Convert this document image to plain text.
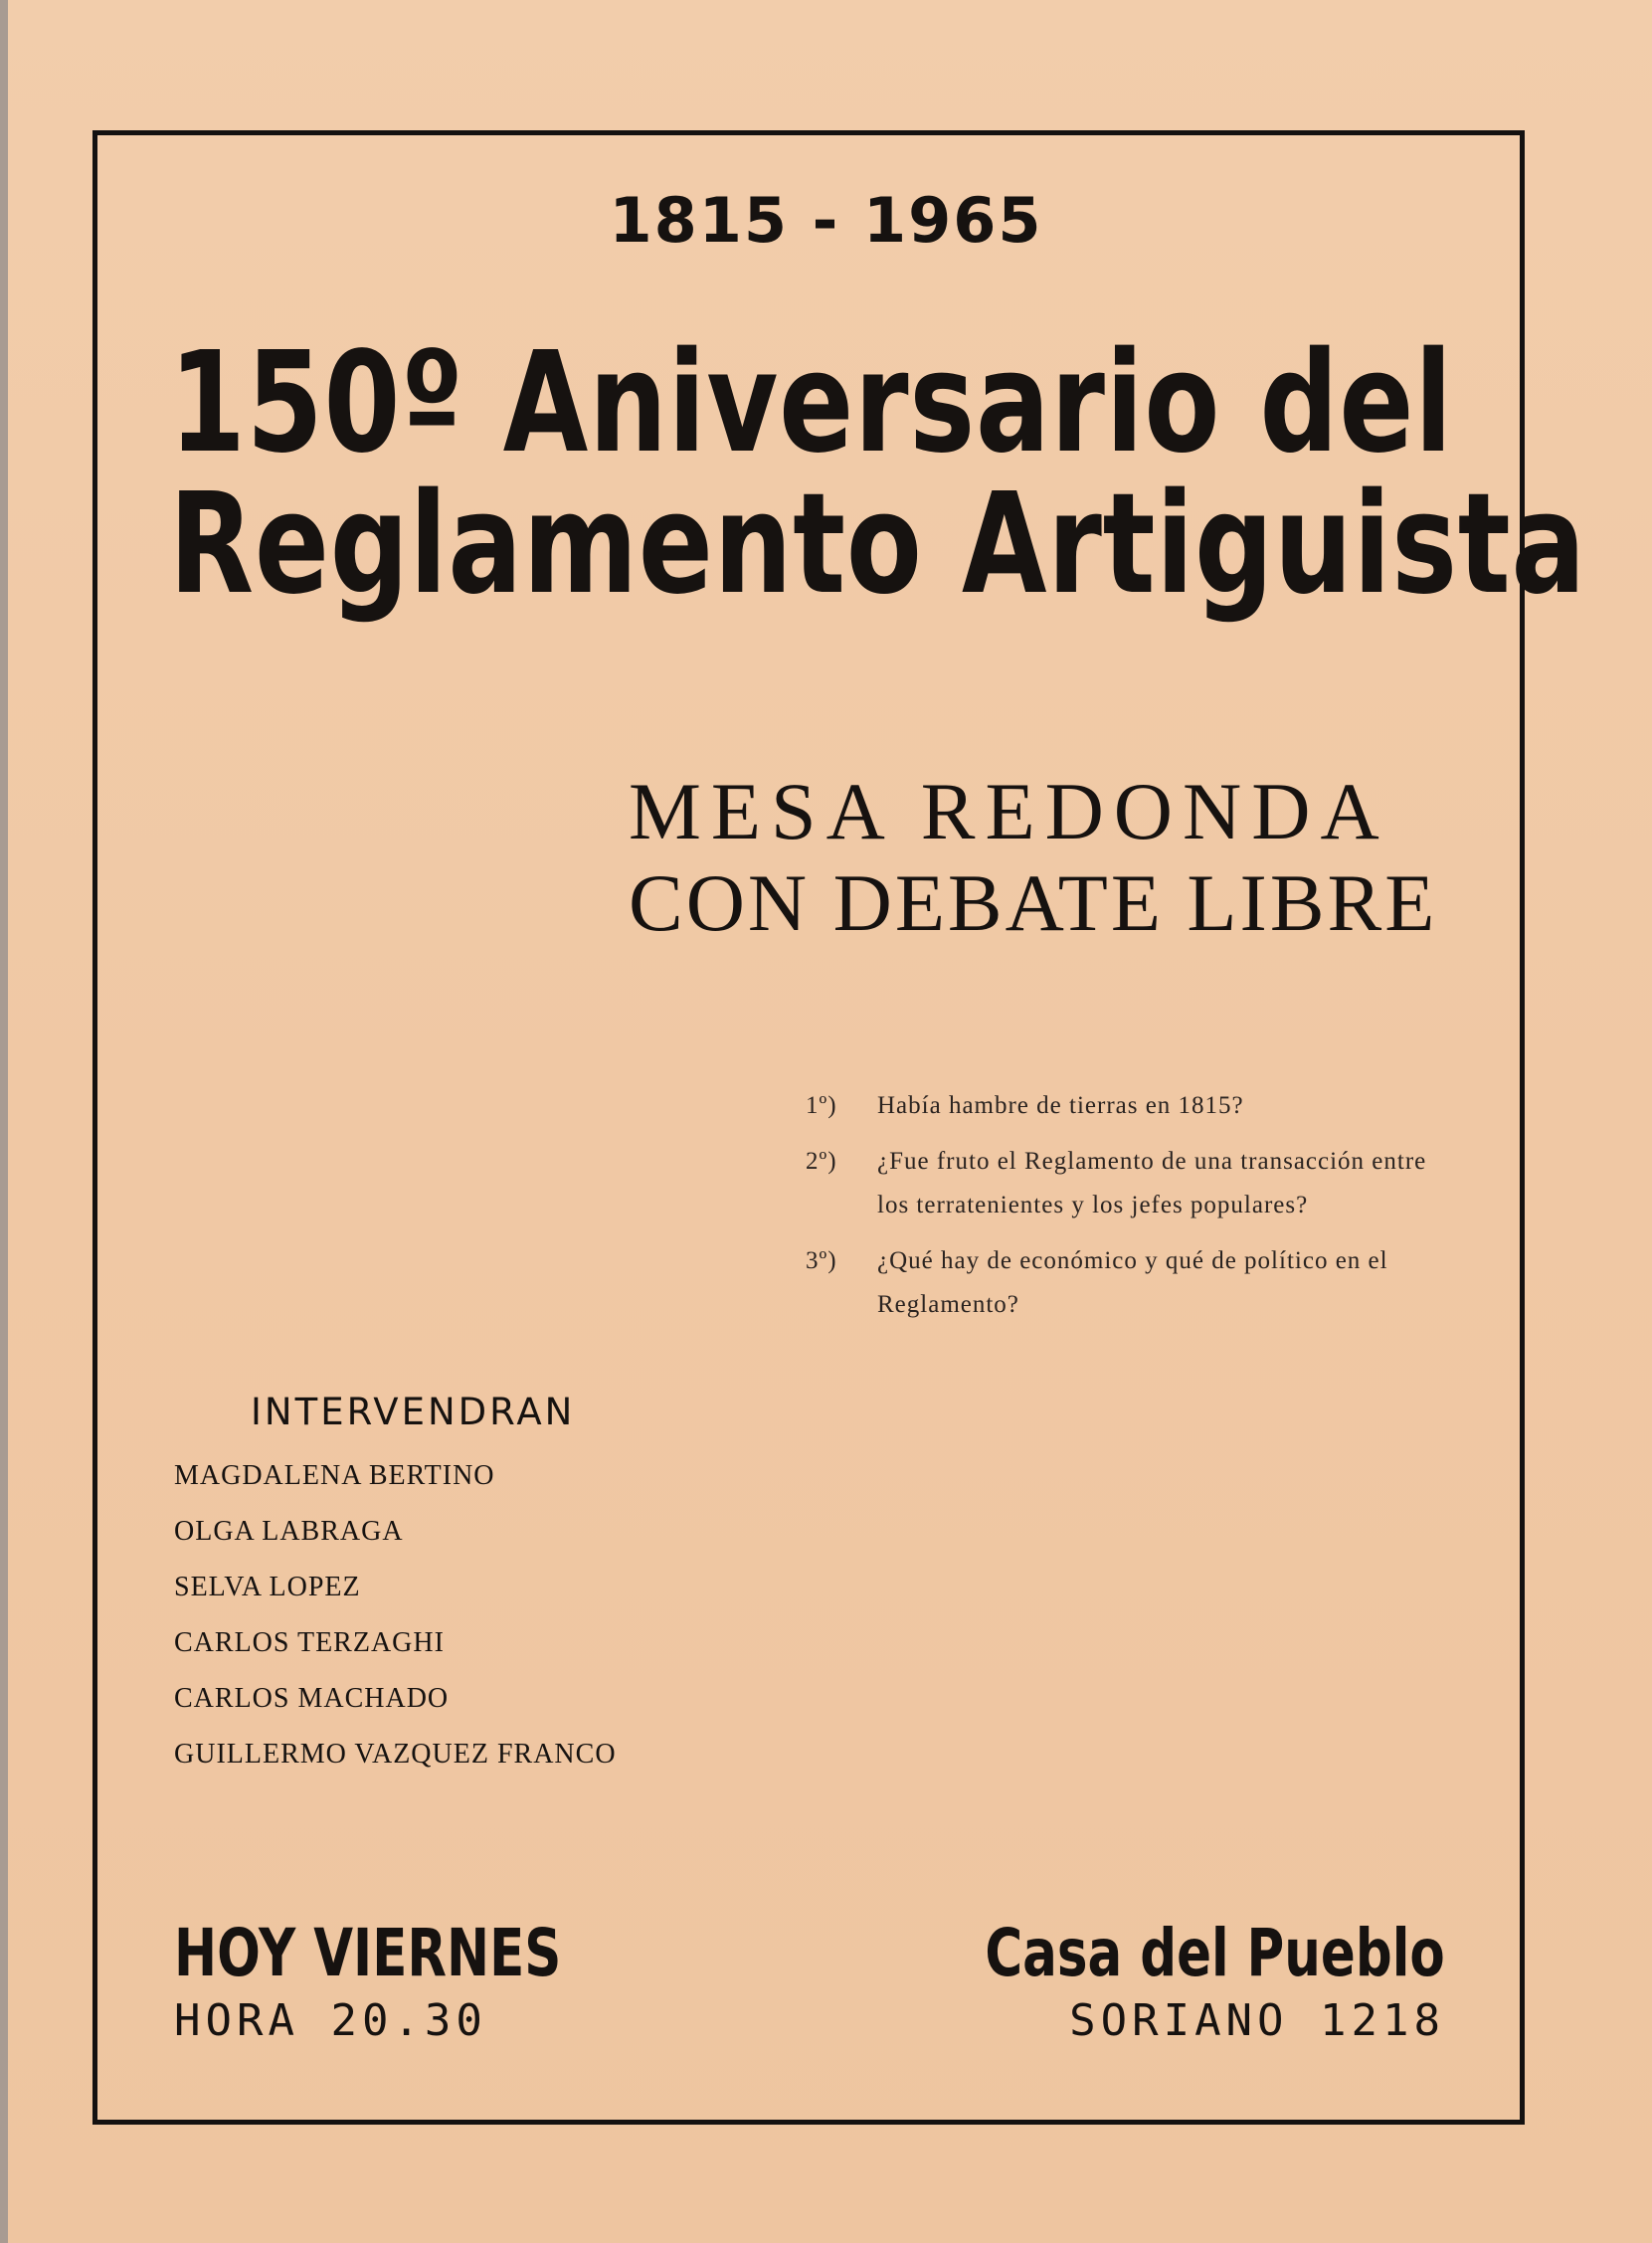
1815 - 1965
150º Aniversario del
Reglamento Artiguista
MESA REDONDA
CON DEBATE LIBRE
1º)	Había hambre de tierras en 1815?
2º)	¿Fue fruto el Reglamento de una transacción entre los terratenientes y los jefes populares?
3º)	¿Qué hay de económico y qué de político en el Reglamento?
INTERVENDRAN
MAGDALENA BERTINO
OLGA LABRAGA
SELVA LOPEZ
CARLOS TERZAGHI
CARLOS MACHADO
GUILLERMO VAZQUEZ FRANCO
HOY VIERNES
HORA 20.30
Casa del Pueblo
SORIANO 1218
